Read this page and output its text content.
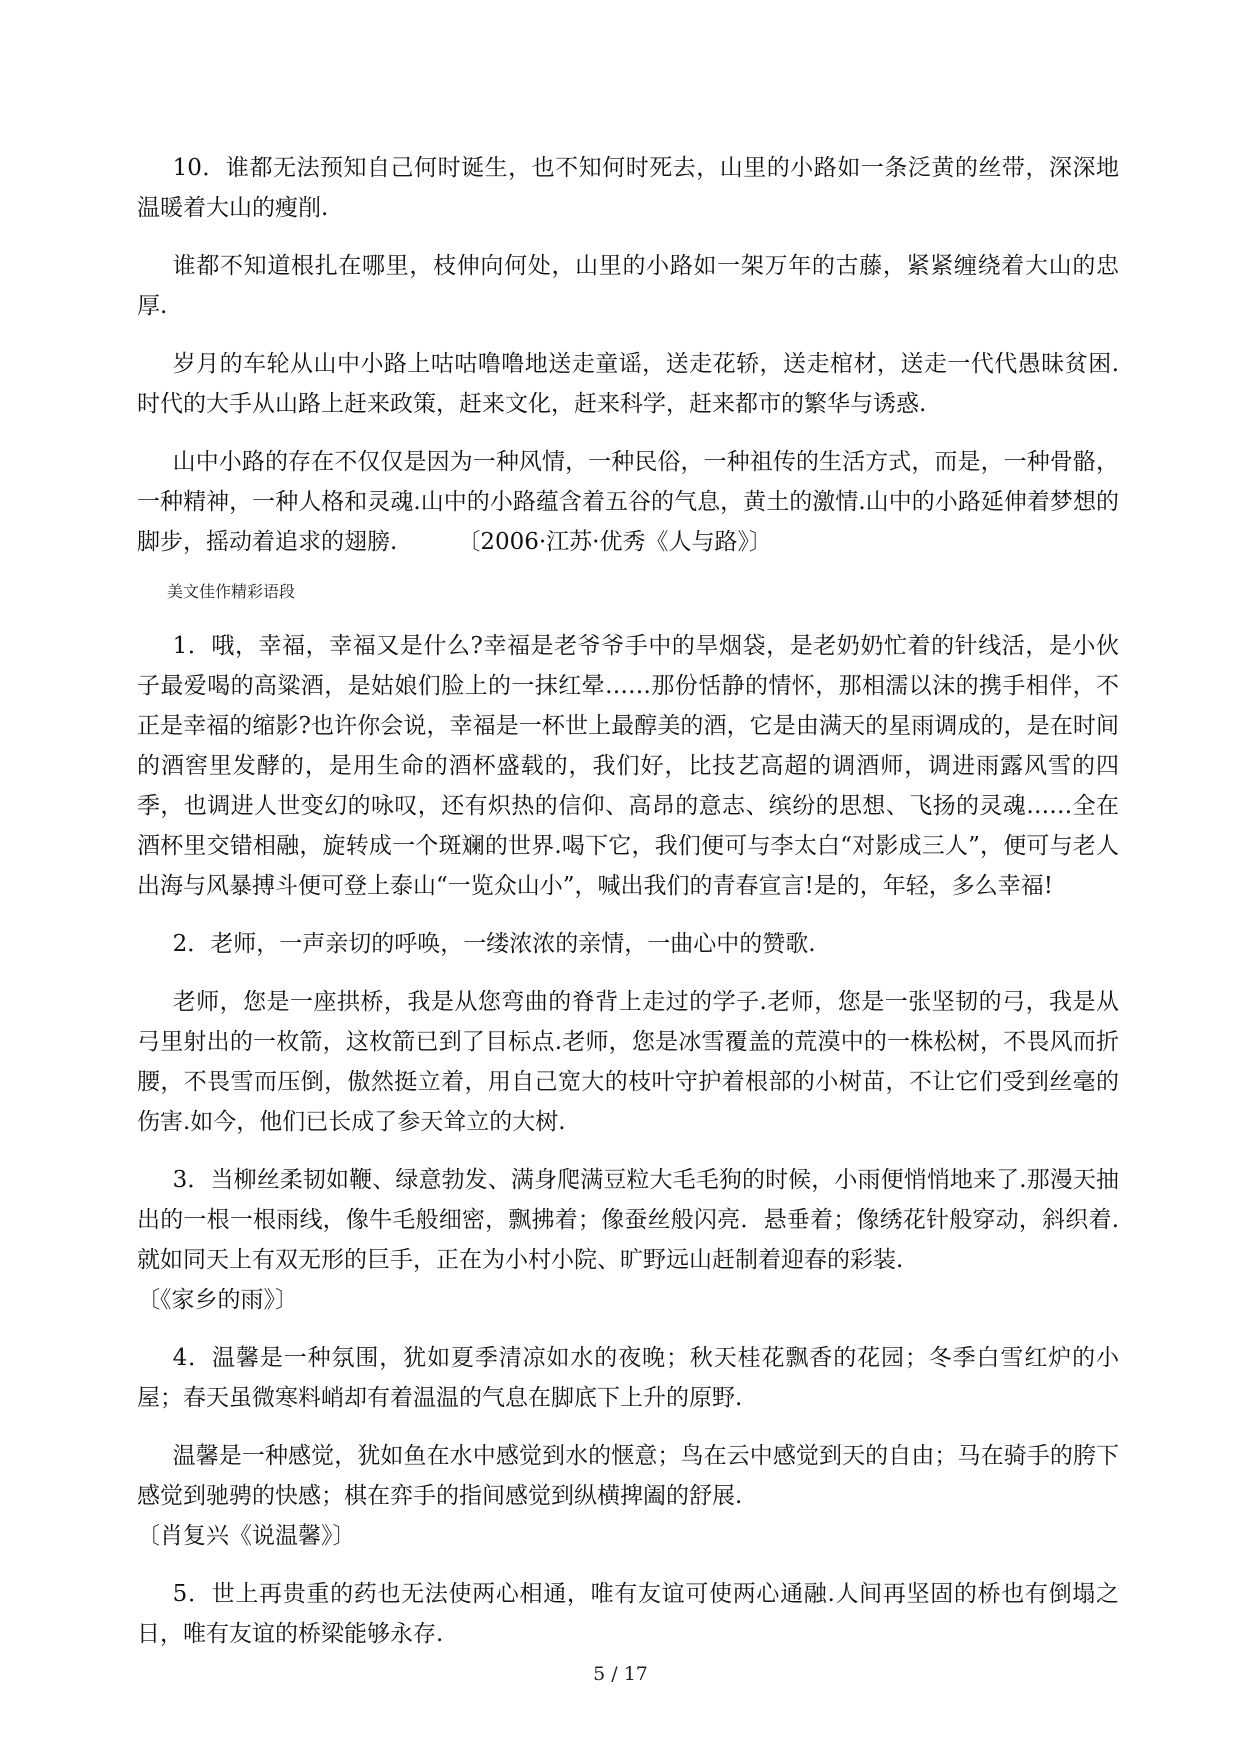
10．谁都无法预知自己何时诞生，也不知何时死去，山里的小路如一条泛黄的丝带，深深地温暖着大山的瘦削.

谁都不知道根扎在哪里，枝伸向何处，山里的小路如一架万年的古藤，紧紧缠绕着大山的忠厚.

岁月的车轮从山中小路上咕咕噜噜地送走童谣，送走花轿，送走棺材，送走一代代愚昧贫困.时代的大手从山路上赶来政策，赶来文化，赶来科学，赶来都市的繁华与诱惑.

山中小路的存在不仅仅是因为一种风情，一种民俗，一种祖传的生活方式，而是，一种骨骼，一种精神，一种人格和灵魂.山中的小路蕴含着五谷的气息，黄土的激情.山中的小路延伸着梦想的脚步，摇动着追求的翅膀.	〔2006·江苏·优秀《人与路》〕

美文佳作精彩语段

1．哦，幸福，幸福又是什么?幸福是老爷爷手中的旱烟袋，是老奶奶忙着的针线活，是小伙子最爱喝的高粱酒，是姑娘们脸上的一抹红晕……那份恬静的情怀，那相濡以沫的携手相伴，不正是幸福的缩影?也许你会说，幸福是一杯世上最醇美的酒，它是由满天的星雨调成的，是在时间的酒窖里发酵的，是用生命的酒杯盛载的，我们好，比技艺高超的调酒师，调进雨露风雪的四季，也调进人世变幻的咏叹，还有炽热的信仰、高昂的意志、缤纷的思想、飞扬的灵魂……全在酒杯里交错相融，旋转成一个斑斓的世界.喝下它，我们便可与李太白“对影成三人”，便可与老人出海与风暴搏斗便可登上泰山“一览众山小”，喊出我们的青春宣言!是的，年轻，多么幸福!

2．老师，一声亲切的呼唤，一缕浓浓的亲情，一曲心中的赞歌.

老师，您是一座拱桥，我是从您弯曲的脊背上走过的学子.老师，您是一张坚韧的弓，我是从弓里射出的一枚箭，这枚箭已到了目标点.老师，您是冰雪覆盖的荒漠中的一株松树，不畏风而折腰，不畏雪而压倒，傲然挺立着，用自己宽大的枝叶守护着根部的小树苗，不让它们受到丝毫的伤害.如今，他们已长成了参天耸立的大树.

3．当柳丝柔韧如鞭、绿意勃发、满身爬满豆粒大毛毛狗的时候，小雨便悄悄地来了.那漫天抽出的一根一根雨线，像牛毛般细密，飘拂着；像蚕丝般闪亮．悬垂着；像绣花针般穿动，斜织着.就如同天上有双无形的巨手，正在为小村小院、旷野远山赶制着迎春的彩装.

〔《家乡的雨》〕

4．温馨是一种氛围，犹如夏季清凉如水的夜晚；秋天桂花飘香的花园；冬季白雪红炉的小屋；春天虽微寒料峭却有着温温的气息在脚底下上升的原野.

温馨是一种感觉，犹如鱼在水中感觉到水的惬意；鸟在云中感觉到天的自由；马在骑手的胯下感觉到驰骋的快感；棋在弈手的指间感觉到纵横捭阖的舒展.

〔肖复兴《说温馨》〕

5．世上再贵重的药也无法使两心相通，唯有友谊可使两心通融.人间再坚固的桥也有倒塌之日，唯有友谊的桥梁能够永存.

5 / 17
